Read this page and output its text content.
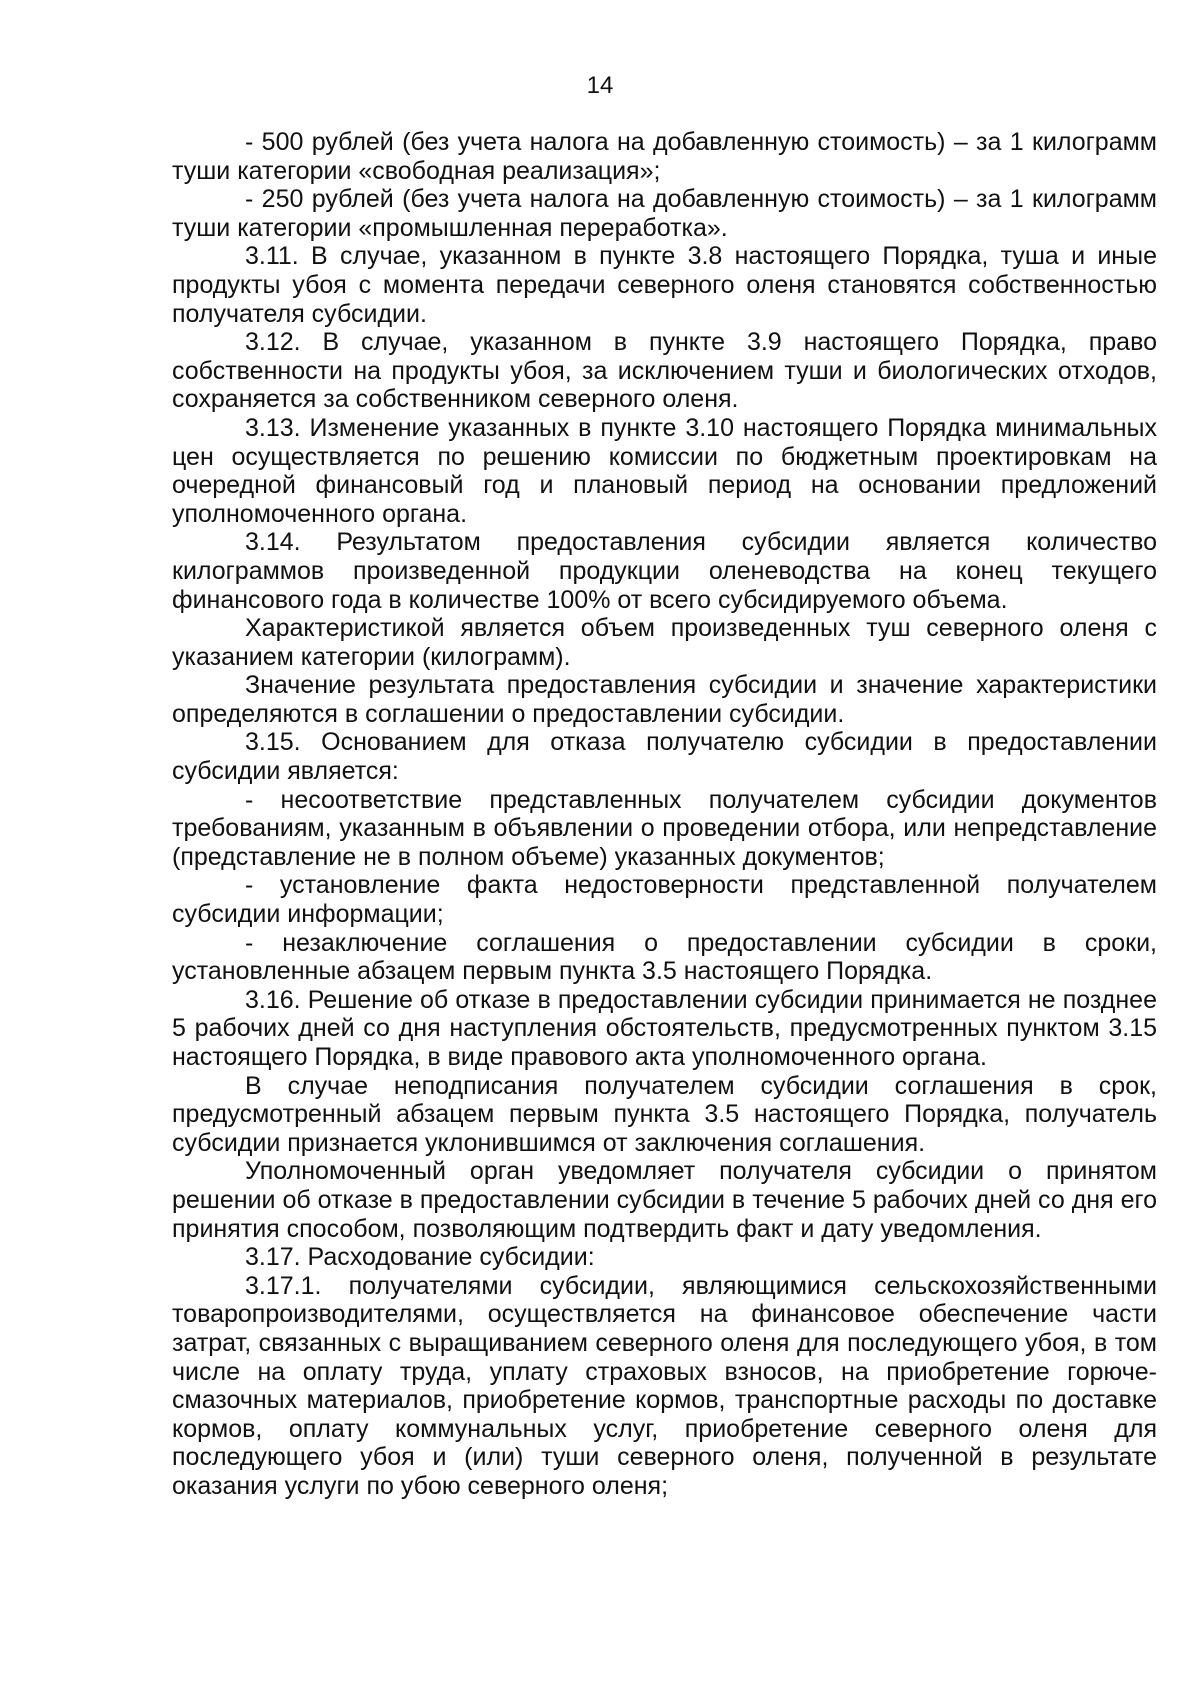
14

- 500 рублей (без учета налога на добавленную стоимость) – за 1 килограмм туши категории «свободная реализация»;

- 250 рублей (без учета налога на добавленную стоимость) – за 1 килограмм туши категории «промышленная переработка».

3.11. В случае, указанном в пункте 3.8 настоящего Порядка, туша и иные продукты убоя с момента передачи северного оленя становятся собственностью получателя субсидии.

3.12. В случае, указанном в пункте 3.9 настоящего Порядка, право собственности на продукты убоя, за исключением туши и биологических отходов, сохраняется за собственником северного оленя.

3.13. Изменение указанных в пункте 3.10 настоящего Порядка минимальных цен осуществляется по решению комиссии по бюджетным проектировкам на очередной финансовый год и плановый период на основании предложений уполномоченного органа.

3.14. Результатом предоставления субсидии является количество килограммов произведенной продукции оленеводства на конец текущего финансового года в количестве 100% от всего субсидируемого объема.

Характеристикой является объем произведенных туш северного оленя с указанием категории (килограмм).

Значение результата предоставления субсидии и значение характеристики определяются в соглашении о предоставлении субсидии.

3.15. Основанием для отказа получателю субсидии в предоставлении субсидии является:

- несоответствие представленных получателем субсидии документов требованиям, указанным в объявлении о проведении отбора, или непредставление (представление не в полном объеме) указанных документов;

- установление факта недостоверности представленной получателем субсидии информации;

- незаключение соглашения о предоставлении субсидии в сроки, установленные абзацем первым пункта 3.5 настоящего Порядка.

3.16. Решение об отказе в предоставлении субсидии принимается не позднее 5 рабочих дней со дня наступления обстоятельств, предусмотренных пунктом 3.15 настоящего Порядка, в виде правового акта уполномоченного органа.

В случае неподписания получателем субсидии соглашения в срок, предусмотренный абзацем первым пункта 3.5 настоящего Порядка, получатель субсидии признается уклонившимся от заключения соглашения.

Уполномоченный орган уведомляет получателя субсидии о принятом решении об отказе в предоставлении субсидии в течение 5 рабочих дней со дня его принятия способом, позволяющим подтвердить факт и дату уведомления.

3.17. Расходование субсидии:

3.17.1. получателями субсидии, являющимися сельскохозяйственными товаропроизводителями, осуществляется на финансовое обеспечение части затрат, связанных с выращиванием северного оленя для последующего убоя, в том числе на оплату труда, уплату страховых взносов, на приобретение горюче-смазочных материалов, приобретение кормов, транспортные расходы по доставке кормов, оплату коммунальных услуг, приобретение северного оленя для последующего убоя и (или) туши северного оленя, полученной в результате оказания услуги по убою северного оленя;
